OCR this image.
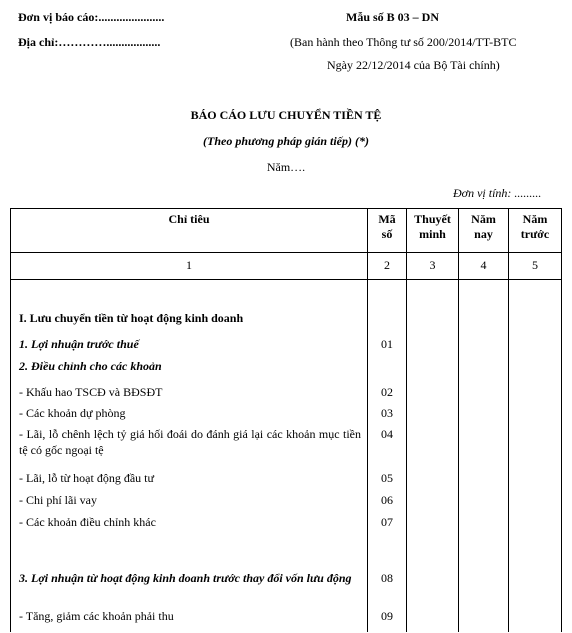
Đơn vị báo cáo:......................
Địa chỉ:…………..................
Mẫu số B 03 – DN
(Ban hành theo Thông tư số 200/2014/TT-BTC
Ngày 22/12/2014 của Bộ Tài chính)
BÁO CÁO LƯU CHUYỂN TIỀN TỆ
(Theo phương pháp gián tiếp) (*)
Năm….
Đơn vị tính: .........
Chỉ tiêu	Mã số	Thuyết minh	Năm nay	Năm trước
1	2	3	4	5

I. Lưu chuyển tiền từ hoạt động kinh doanh				
1. Lợi nhuận trước thuế	01			
2. Điều chỉnh cho các khoản				
- Khấu hao TSCĐ và BĐSĐT	02			
- Các khoản dự phòng	03			
- Lãi, lỗ chênh lệch tỷ giá hối đoái do đánh giá lại các khoản mục tiền tệ có gốc ngoại tệ	04			
- Lãi, lỗ từ hoạt động đầu tư	05			
- Chi phí lãi vay	06			
- Các khoản điều chỉnh khác	07			

3. Lợi nhuận từ hoạt động kinh doanh trước thay đổi vốn lưu động	08			
- Tăng, giảm các khoản phải thu	09			
